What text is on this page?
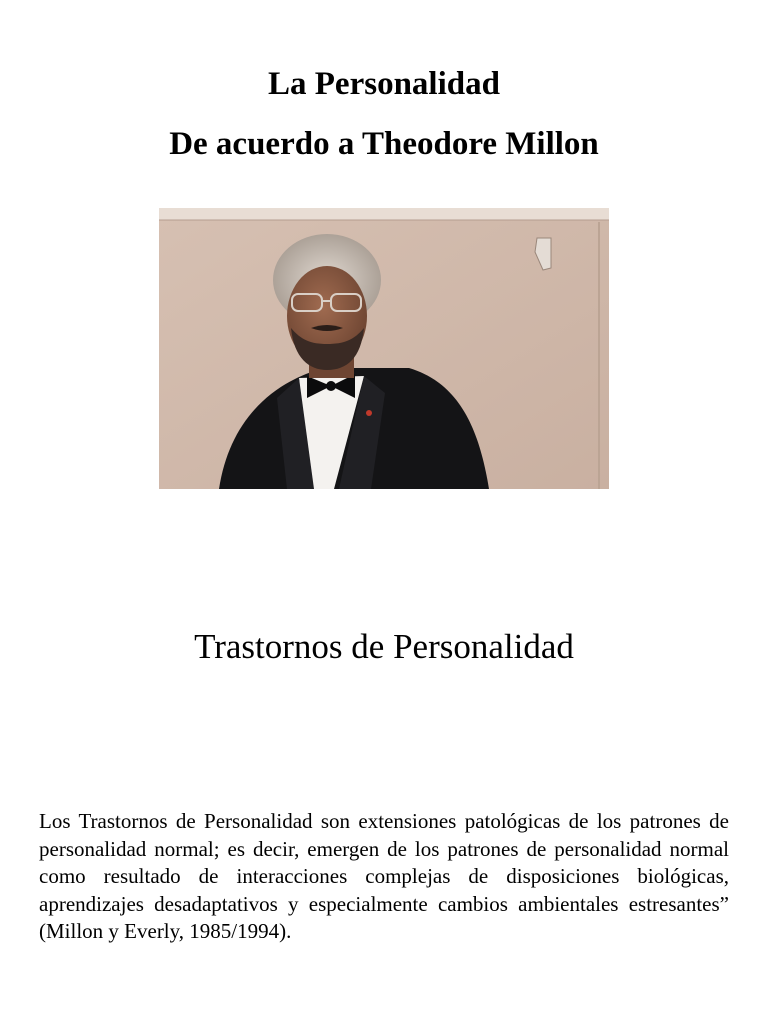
La Personalidad
De acuerdo a Theodore Millon
Trastornos de Personalidad

Los Trastornos de Personalidad son extensiones patológicas de los patrones de personalidad normal; es decir, emergen de los patrones de personalidad normal como resultado de interacciones complejas de disposiciones biológicas, aprendizajes desadaptativos y especialmente cambios ambientales estresantes” (Millon y Everly, 1985/1994).
